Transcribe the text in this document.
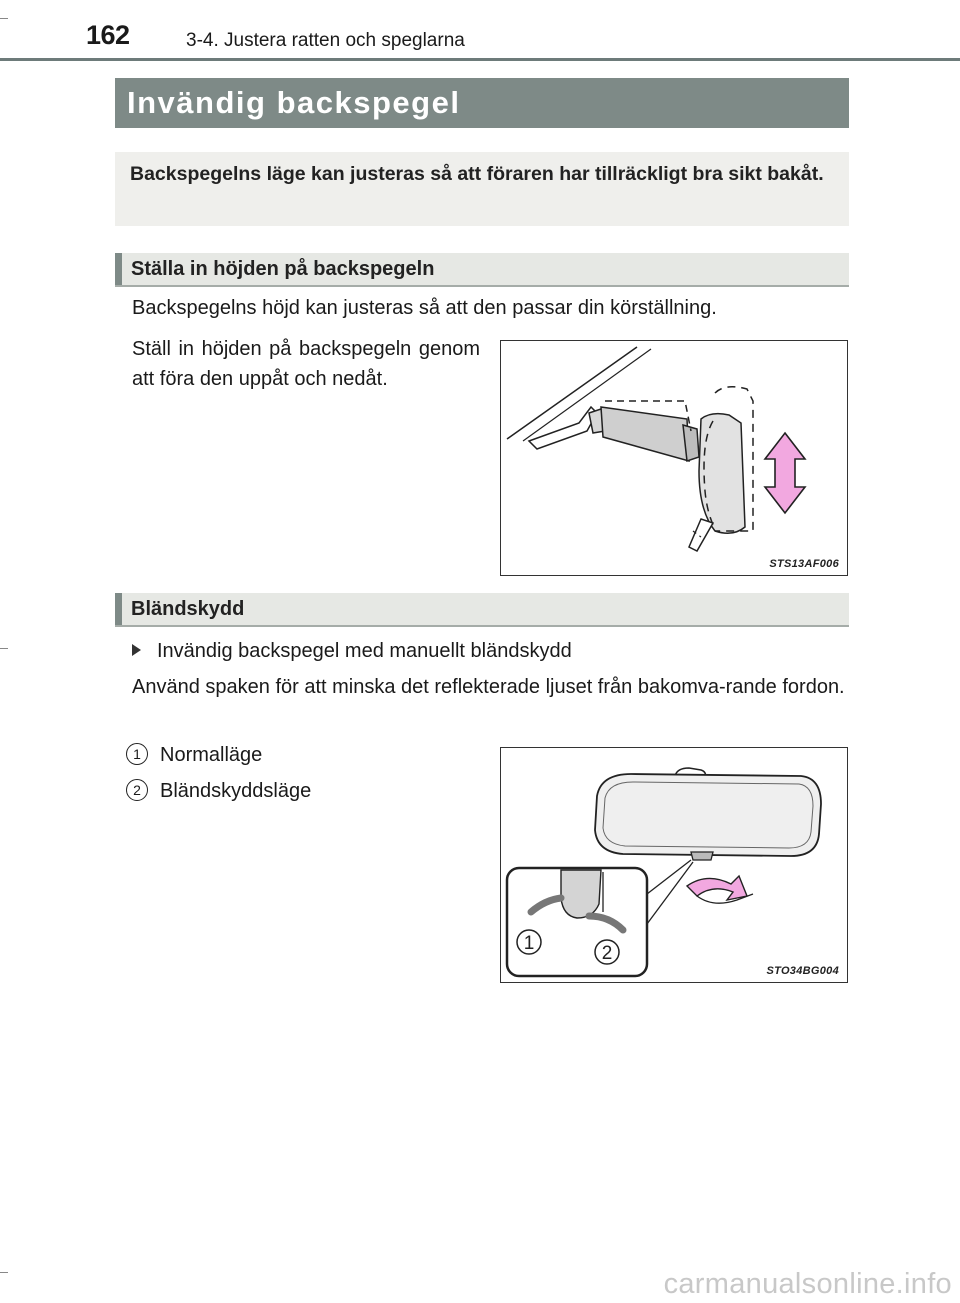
162	3-4. Justera ratten och speglarna
Invändig backspegel
Backspegelns läge kan justeras så att föraren har tillräckligt bra sikt bakåt.
Ställa in höjden på backspegeln
Backspegelns höjd kan justeras så att den passar din körställning.
Ställ in höjden på backspegeln genom att föra den uppåt och nedåt.
STS13AF006
Bländskydd
Invändig backspegel med manuellt bländskydd
Använd spaken för att minska det reflekterade ljuset från bakomva-rande fordon.
1 Normalläge
2 Bländskyddsläge
1	2
STO34BG004
carmanualsonline.info
